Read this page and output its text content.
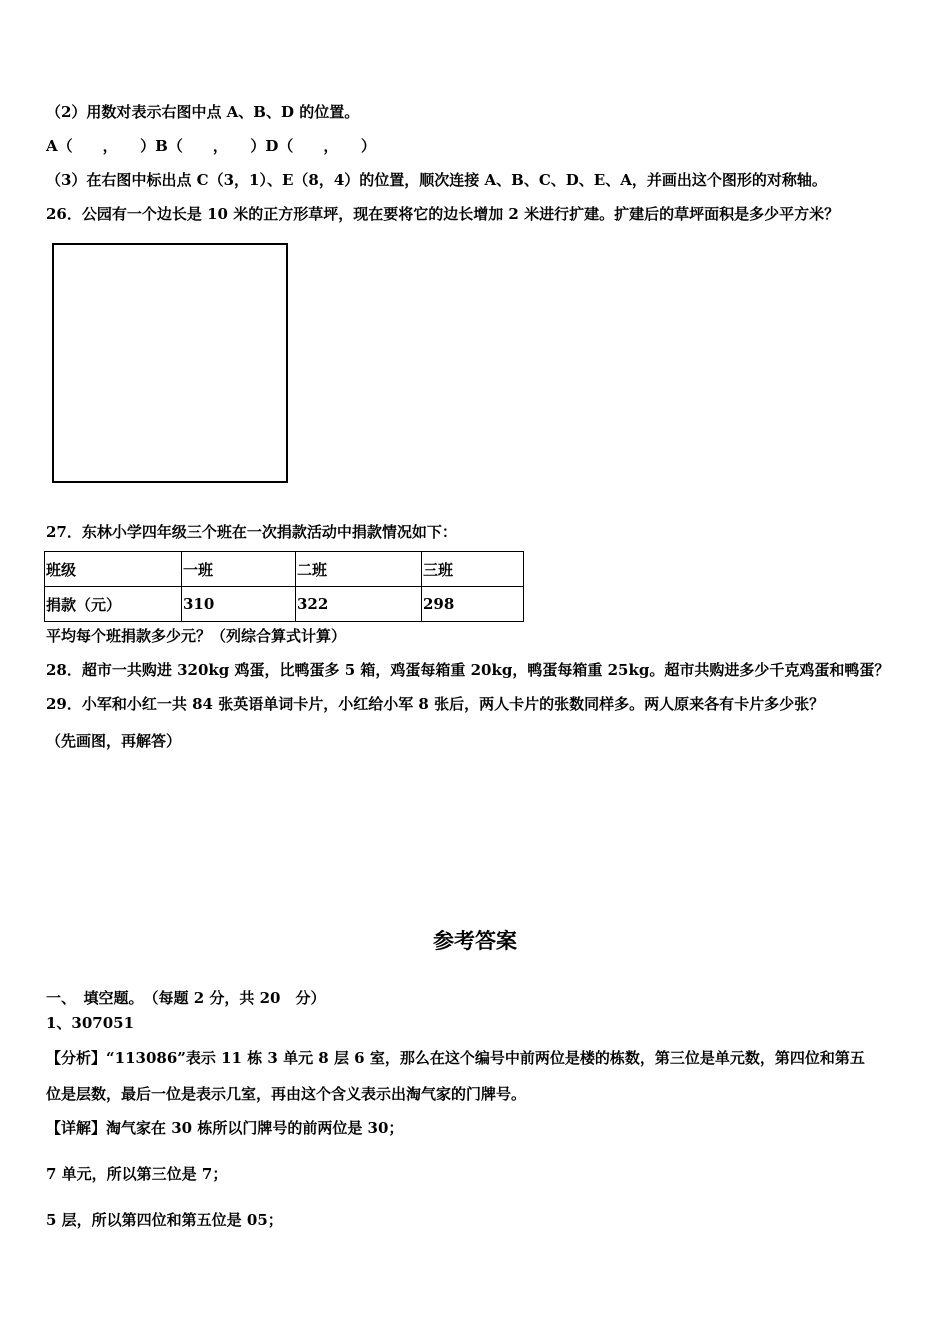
（2）用数对表示右图中点 A、B、D 的位置。
A（　　，　　）B（　　，　　）D（　　，　　）
（3）在右图中标出点 C（3，1）、E（8，4）的位置，顺次连接 A、B、C、D、E、A，并画出这个图形的对称轴。
26．公园有一个边长是 10 米的正方形草坪，现在要将它的边长增加 2 米进行扩建。扩建后的草坪面积是多少平方米？
27．东林小学四年级三个班在一次捐款活动中捐款情况如下：
班级	一班	二班	三班
捐款（元）	310	322	298
平均每个班捐款多少元？（列综合算式计算）
28．超市一共购进 320kg 鸡蛋，比鸭蛋多 5 箱，鸡蛋每箱重 20kg，鸭蛋每箱重 25kg。超市共购进多少千克鸡蛋和鸭蛋？
29．小军和小红一共 84 张英语单词卡片，小红给小军 8 张后，两人卡片的张数同样多。两人原来各有卡片多少张？
（先画图，再解答）
参考答案
一、　填空题。　（每题 2 分，共 20　分）
1、307051
【分析】“113086”表示 11 栋 3 单元 8 层 6 室，那么在这个编号中前两位是楼的栋数，第三位是单元数，第四位和第五
位是层数，最后一位是表示几室，再由这个含义表示出淘气家的门牌号。
【详解】淘气家在 30 栋所以门牌号的前两位是 30；
7 单元，所以第三位是 7；
5 层，所以第四位和第五位是 05；
